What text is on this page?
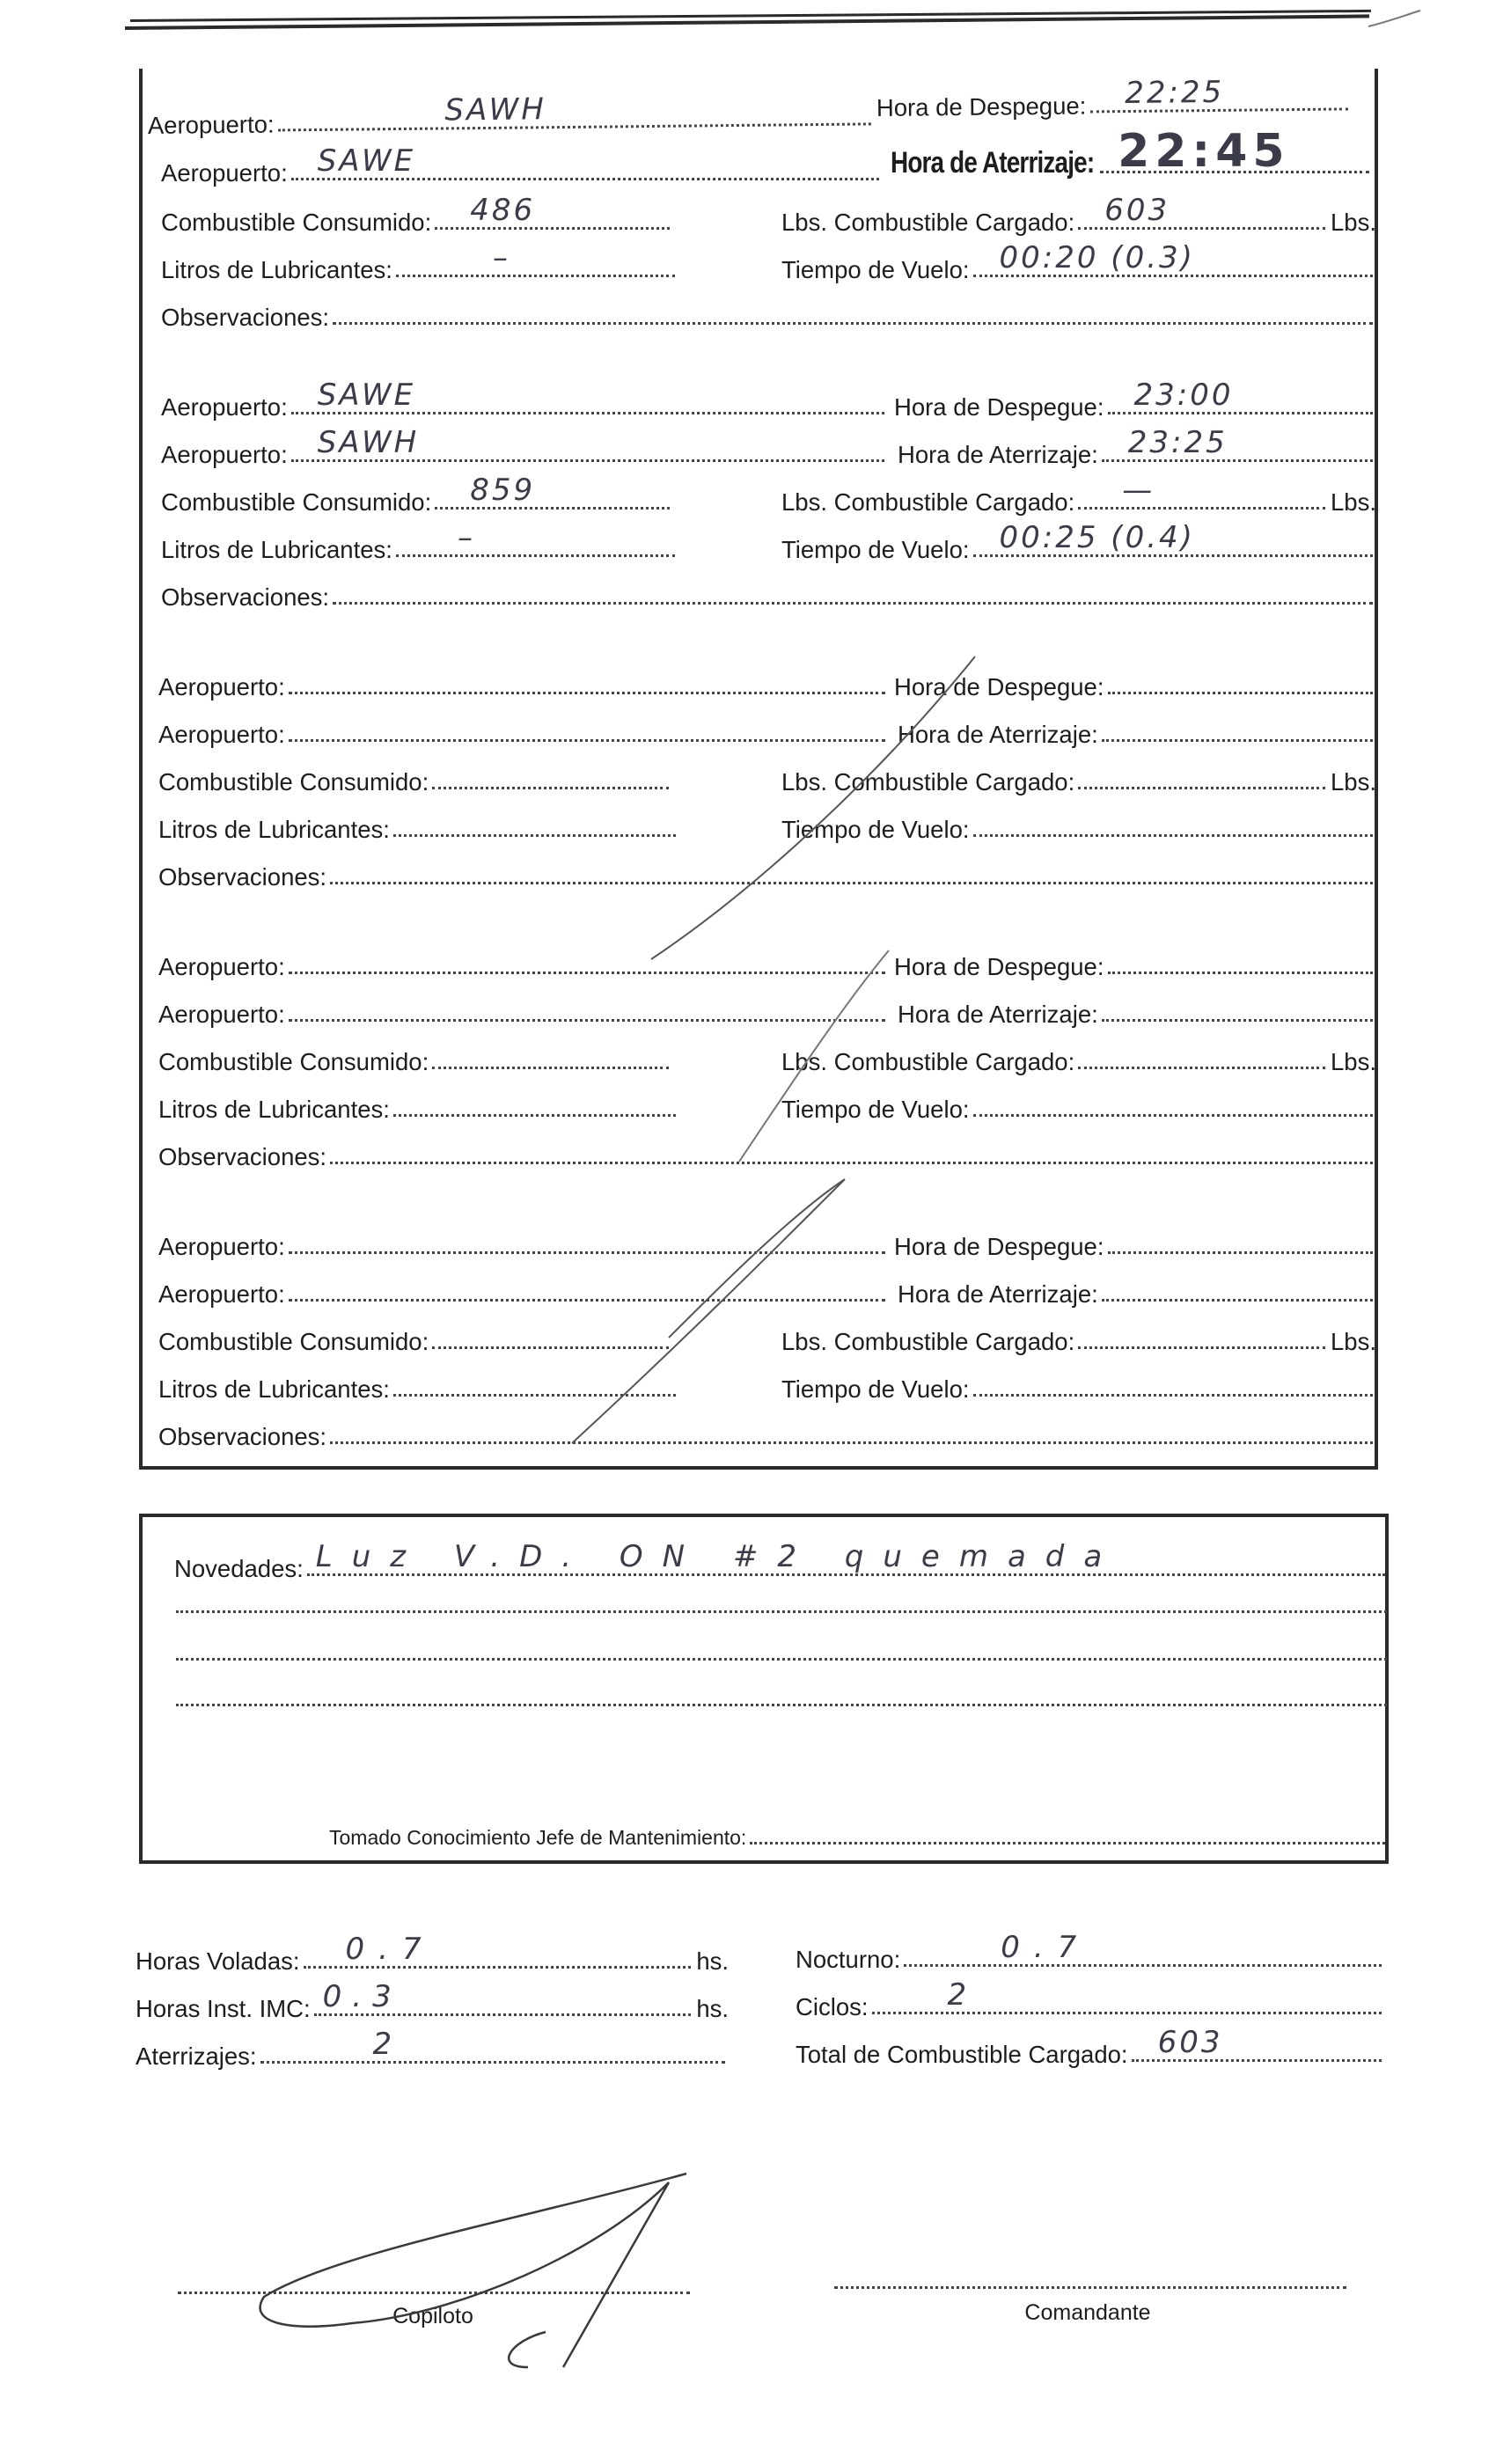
Aeropuerto:	SAWH	Hora de Despegue: 22:25
Aeropuerto: SAWE	Hora de Aterrizaje: 22:45
Combustible Consumido: 486	Lbs. Combustible Cargado: 603	Lbs.
Litros de Lubricantes:	–	Tiempo de Vuelo: 00:20 (0.3)
Observaciones:
Aeropuerto: SAWE	Hora de Despegue: 23:00
Aeropuerto: SAWH	Hora de Aterrizaje: 23:25
Combustible Consumido: 859	Lbs. Combustible Cargado: —	Lbs.
Litros de Lubricantes: –	Tiempo de Vuelo: 00:25 (0.4)
Observaciones:
Aeropuerto:	Hora de Despegue:
Aeropuerto:	Hora de Aterrizaje:
Combustible Consumido:	Lbs. Combustible Cargado:	Lbs.
Litros de Lubricantes:	Tiempo de Vuelo:
Observaciones:
Aeropuerto:	Hora de Despegue:
Aeropuerto:	Hora de Aterrizaje:
Combustible Consumido:	Lbs. Combustible Cargado:	Lbs.
Litros de Lubricantes:	Tiempo de Vuelo:
Observaciones:
Aeropuerto:	Hora de Despegue:
Aeropuerto:	Hora de Aterrizaje:
Combustible Consumido:	Lbs. Combustible Cargado:	Lbs.
Litros de Lubricantes:	Tiempo de Vuelo:
Observaciones:
Novedades: Luz V.D. ON #2 quemada
Tomado Conocimiento Jefe de Mantenimiento:
Horas Voladas: 0.7	hs.
Horas Inst. IMC: 0.3	hs.
Aterrizajes:	2
Nocturno:	0.7
Ciclos:	2
Total de Combustible Cargado: 603
Copiloto	Comandante
